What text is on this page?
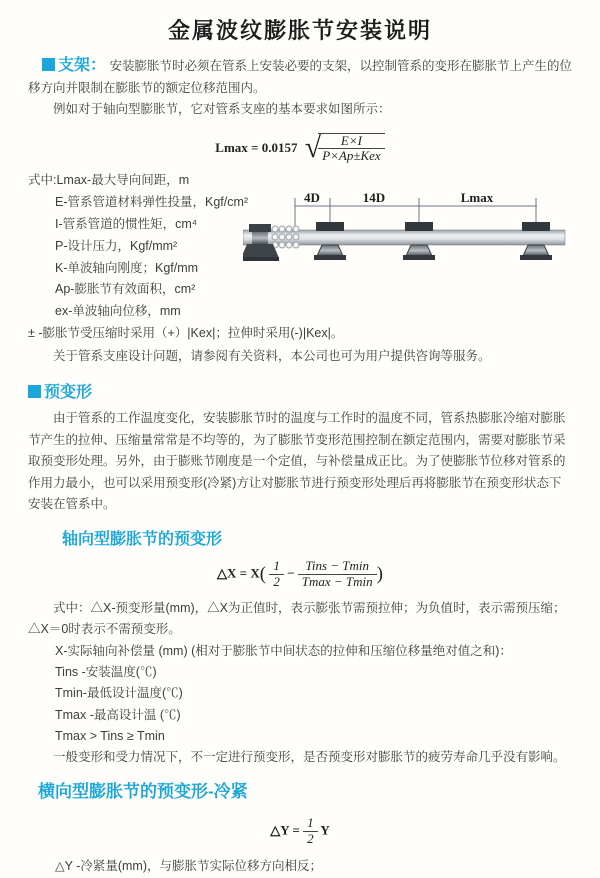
金属波纹膨胀节安装说明

支架： 安装膨胀节时必须在管系上安装必要的支架，以控制管系的变形在膨胀节上产生的位移方向并限制在膨胀节的额定位移范围内。

例如对于轴向型膨胀节，它对管系支座的基本要求如图所示：

Lmax = 0.0157 √
$\frac{E\times I}{\text{P×Ap±Kex}}$
式中:Lmax-最大导向间距，m
E-管系管道材料弹性投量，Kgf/cm²
I-管系管道的惯性矩，cm⁴
P-设计压力，Kgf/mm²
K-单波轴向刚度；Kgf/mm
Ap-膨胀节有效面积，cm²
ex-单波轴向位移，mm
± -膨胀节受压缩时采用（+）|Kex|；拉伸时采用(-)|Kex|。

关于管系支座设计问题，请参阅有关资料，本公司也可为用户提供咨询等服务。

4D	14D	Lmax
预变形

由于管系的工作温度变化，安装膨胀节时的温度与工作时的温度不同，管系热膨胀冷缩对膨胀节产生的拉伸、压缩量常常是不均等的，为了膨胀节变形范围控制在额定范围内，需要对膨胀节采取预变形处理。另外，由于膨账节刚度是一个定值，与补偿量成正比。为了使膨胀节位移对管系的作用力最小，也可以采用预变形(冷紧)方让对膨胀节进行预变形处理后再将膨胀节在预变形状态下安装在管系中。

轴向型膨胀节的预变形
△X = $X( \frac{1}{2} - \frac{\text{Tins − Tmin}}{Tmax - Tmin}$ )

式中：△X-预变形量(mm)，△X为正值时，表示膨张节需预拉伸；为负值时，表示需预压缩；△X＝0时表示不需预变形。

X-实际轴向补偿量 (mm) (相对于膨胀节中间状态的拉伸和压缩位移量绝对值之和)：
Tins -安装温度(℃)
Tmin-最低设计温度(℃)
Tmax -最高设计温 (℃)
Tmax > Tins ≥ Tmin

一般变形和受力情况下，不一定进行预变形，是否预变形对膨胀节的疲劳寿命几乎没有影响。

横向型膨胀节的预变形-冷紧
△Y = $\frac{1}{2}$ Y

△Y -冷紧量(mm)，与膨胀节实际位移方向相反；
